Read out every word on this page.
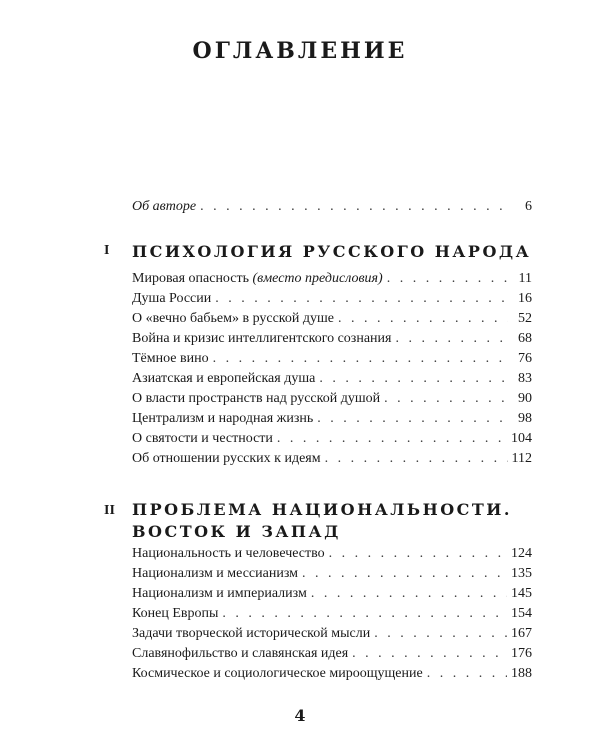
ОГЛАВЛЕНИЕ
Об авторе . . .	6
I ПСИХОЛОГИЯ РУССКОГО НАРОДА
Мировая опасность (вместо предисловия) . . .	11
Душа России . . .	16
О «вечно бабьем» в русской душе . . .	52
Война и кризис интеллигентского сознания . . .	68
Тёмное вино . . .	76
Азиатская и европейская душа . . .	83
О власти пространств над русской душой . . .	90
Централизм и народная жизнь . . .	98
О святости и честности . . .	104
Об отношении русских к идеям . . .	112
II ПРОБЛЕМА НАЦИОНАЛЬНОСТИ.
ВОСТОК И ЗАПАД
Национальность и человечество . . .	124
Национализм и мессианизм . . .	135
Национализм и империализм . . .	145
Конец Европы . . .	154
Задачи творческой исторической мысли . . .	167
Славянофильство и славянская идея . . .	176
Космическое и социологическое мироощущение . . .	188
4
